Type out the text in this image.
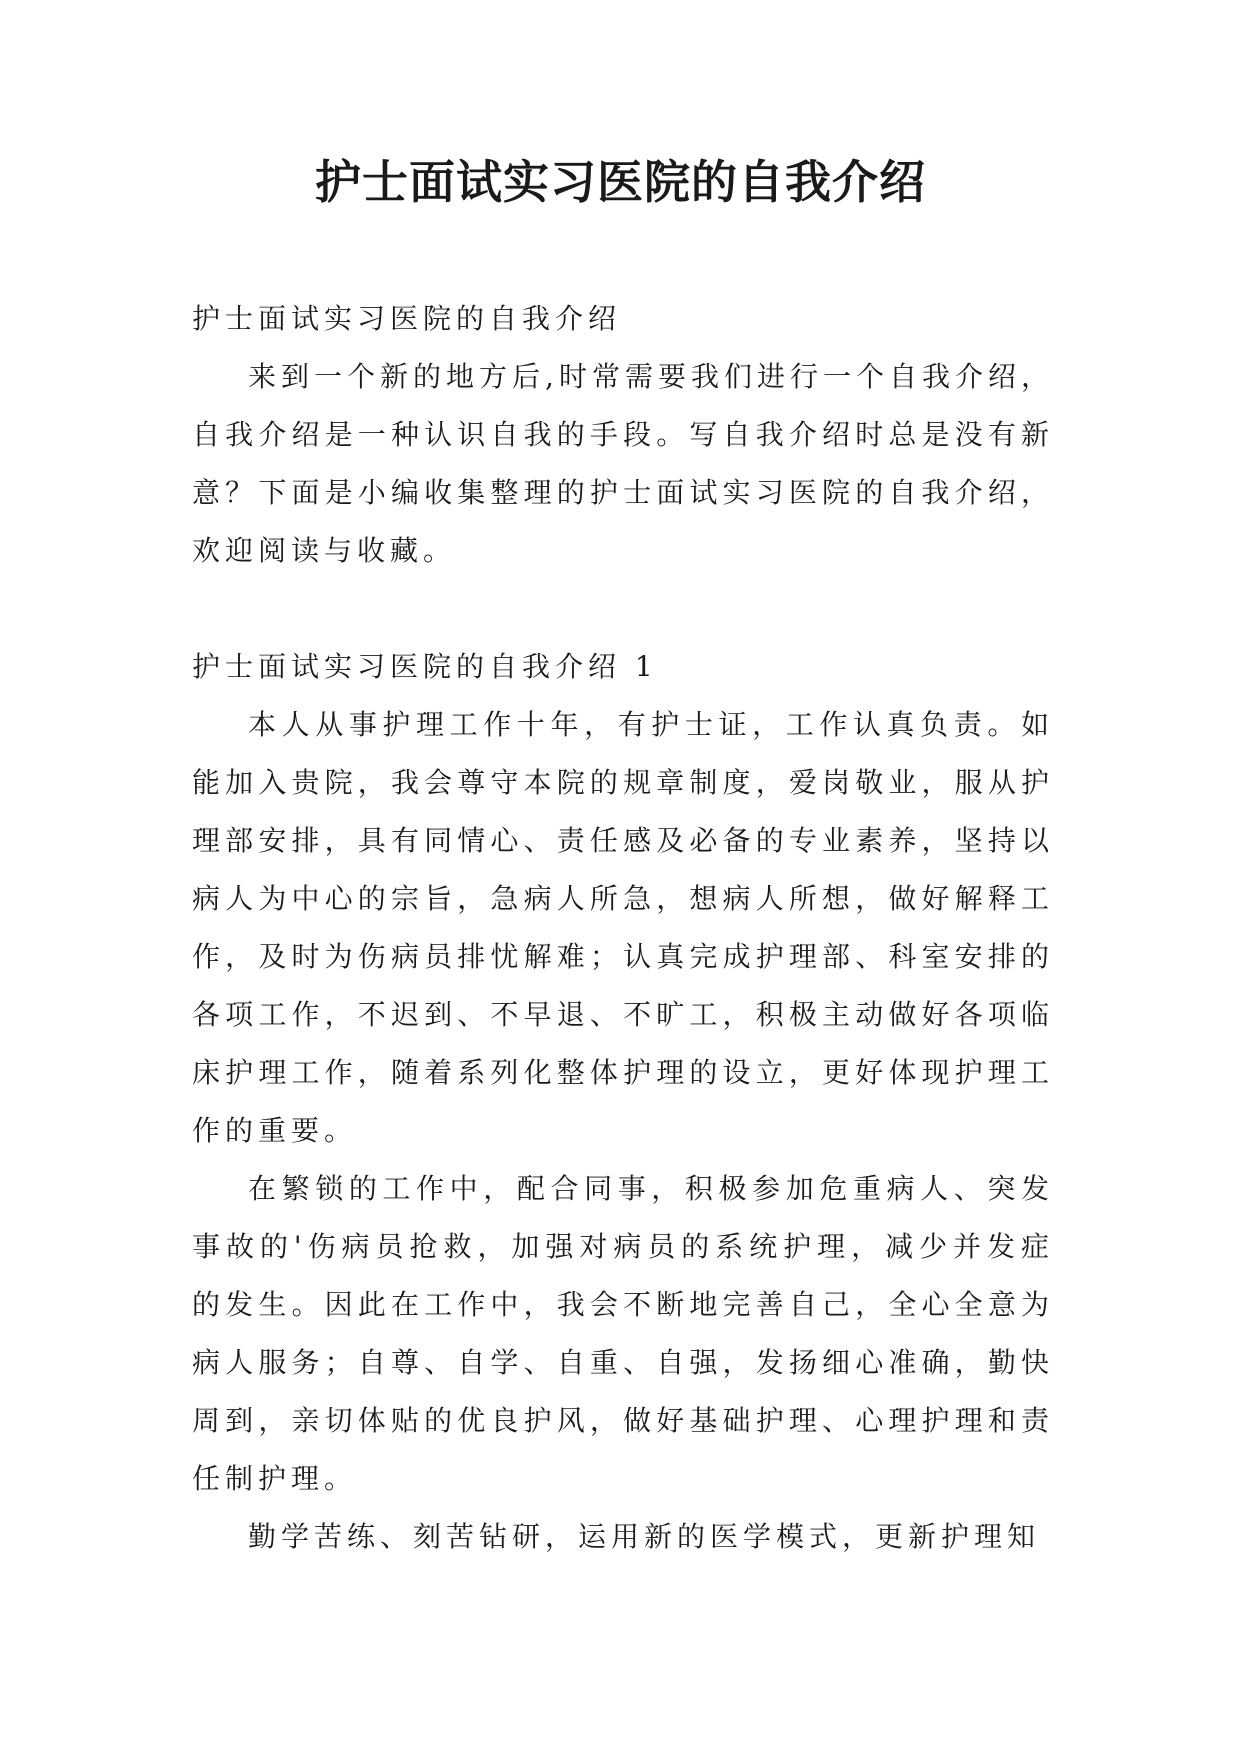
护士面试实习医院的自我介绍
护士面试实习医院的自我介绍

来到一个新的地方后,时常需要我们进行一个自我介绍，自我介绍是一种认识自我的手段。写自我介绍时总是没有新意？下面是小编收集整理的护士面试实习医院的自我介绍，欢迎阅读与收藏。

护士面试实习医院的自我介绍 1

本人从事护理工作十年，有护士证，工作认真负责。如能加入贵院，我会尊守本院的规章制度，爱岗敬业，服从护理部安排，具有同情心、责任感及必备的专业素养，坚持以病人为中心的宗旨，急病人所急，想病人所想，做好解释工作，及时为伤病员排忧解难；认真完成护理部、科室安排的各项工作，不迟到、不早退、不旷工，积极主动做好各项临床护理工作，随着系列化整体护理的设立，更好体现护理工作的重要。

在繁锁的工作中，配合同事，积极参加危重病人、突发事故的'伤病员抢救，加强对病员的系统护理，减少并发症的发生。因此在工作中，我会不断地完善自己，全心全意为病人服务；自尊、自学、自重、自强，发扬细心准确，勤快周到，亲切体贴的优良护风，做好基础护理、心理护理和责任制护理。

勤学苦练、刻苦钻研，运用新的医学模式，更新护理知
